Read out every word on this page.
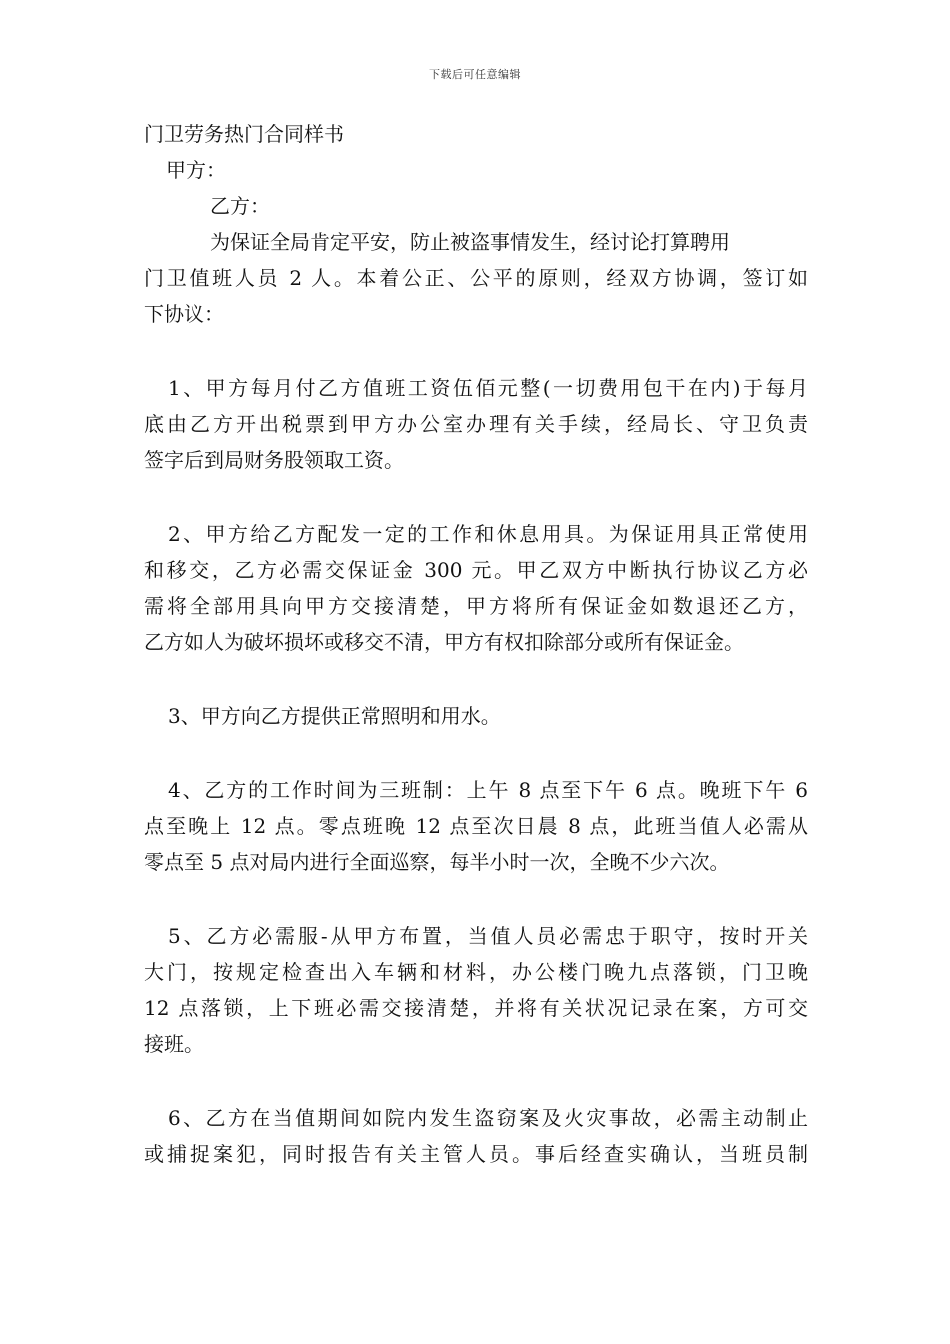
下载后可任意编辑
门卫劳务热门合同样书
甲方：
乙方：
为保证全局肯定平安，防止被盗事情发生，经讨论打算聘用
门卫值班人员 2 人。本着公正、公平的原则，经双方协调，签订如
下协议：
1、甲方每月付乙方值班工资伍佰元整(一切费用包干在内)于每月
底由乙方开出税票到甲方办公室办理有关手续，经局长、守卫负责
签字后到局财务股领取工资。
2、甲方给乙方配发一定的工作和休息用具。为保证用具正常使用
和移交，乙方必需交保证金 300 元。甲乙双方中断执行协议乙方必
需将全部用具向甲方交接清楚，甲方将所有保证金如数退还乙方，
乙方如人为破坏损坏或移交不清，甲方有权扣除部分或所有保证金。
3、甲方向乙方提供正常照明和用水。
4、乙方的工作时间为三班制：上午 8 点至下午 6 点。晚班下午 6
点至晚上 12 点。零点班晚 12 点至次日晨 8 点，此班当值人必需从
零点至 5 点对局内进行全面巡察，每半小时一次，全晚不少六次。
5、乙方必需服-从甲方布置，当值人员必需忠于职守，按时开关
大门，按规定检查出入车辆和材料，办公楼门晚九点落锁，门卫晚
12 点落锁，上下班必需交接清楚，并将有关状况记录在案，方可交
接班。
6、乙方在当值期间如院内发生盗窃案及火灾事故，必需主动制止
或捕捉案犯，同时报告有关主管人员。事后经查实确认，当班员制
